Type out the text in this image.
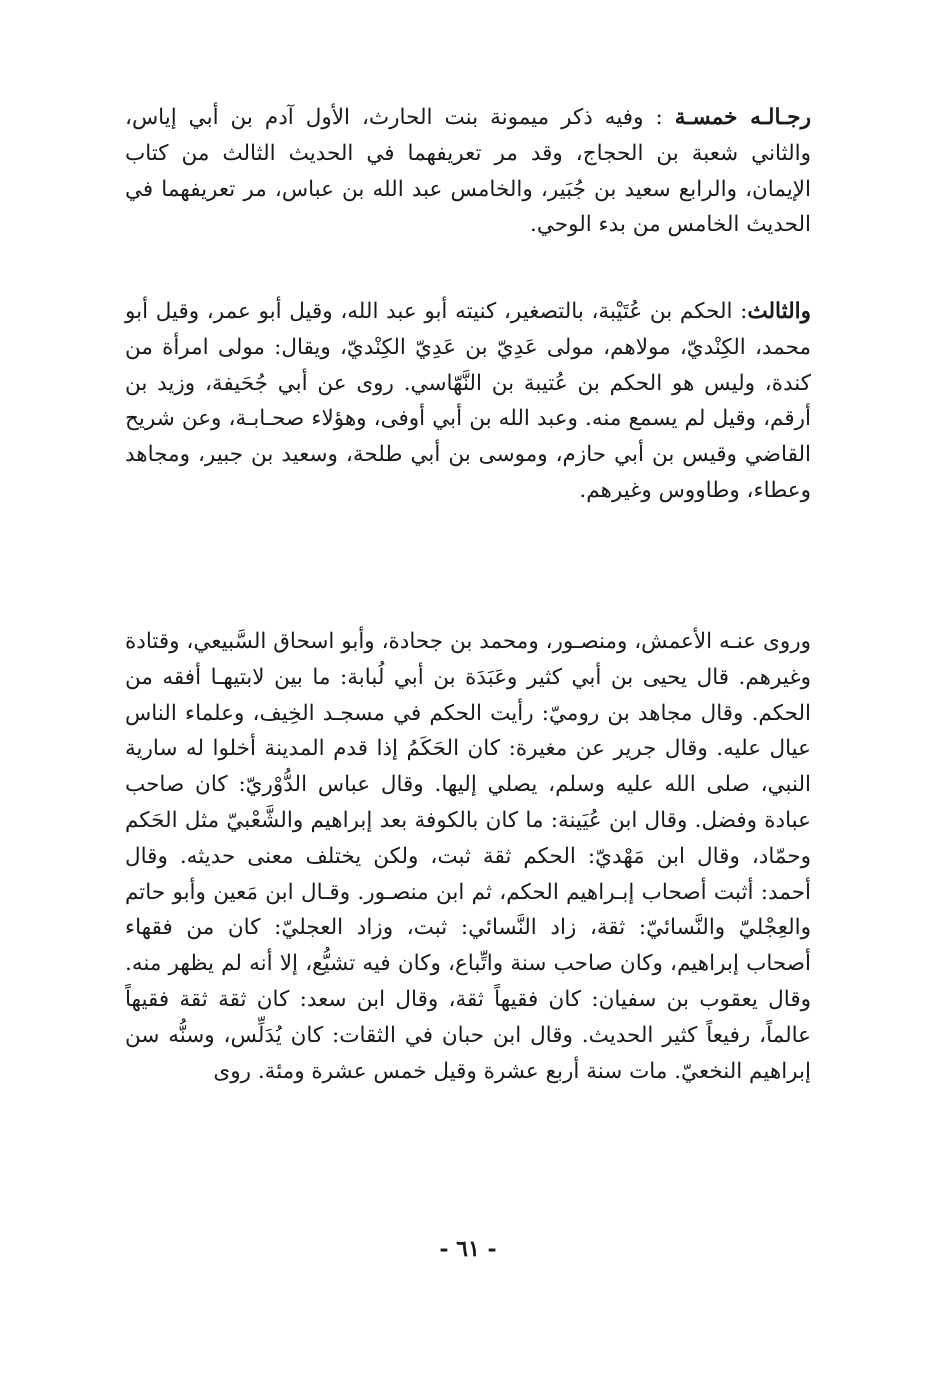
رجـالـه خمسـة : وفيه ذكر ميمونة بنت الحارث، الأول آدم بن أبي إياس، والثاني شعبة بن الحجاج، وقد مر تعريفهما في الحديث الثالث من كتاب الإيمان، والرابع سعيد بن جُبَير، والخامس عبد الله بن عباس، مر تعريفهما في الحديث الخامس من بدء الوحي.

والثالث: الحكم بن عُتَيْبة، بالتصغير، كنيته أبو عبد الله، وقيل أبو عمر، وقيل أبو محمد، الكِنْديّ، مولاهم، مولى عَدِيّ بن عَدِيّ الكِنْديّ، ويقال: مولى امرأة من كندة، وليس هو الحكم بن عُتيبة بن النَّهّاسي. روى عن أبي جُحَيفة، وزيد بن أرقم، وقيل لم يسمع منه. وعبد الله بن أبي أوفى، وهؤلاء صحـابـة، وعن شريح القاضي وقيس بن أبي حازم، وموسى بن أبي طلحة، وسعيد بن جبير، ومجاهد وعطاء، وطاووس وغيرهم.

وروى عنـه الأعمش، ومنصـور، ومحمد بن جحادة، وأبو اسحاق السَّبيعي، وقتادة وغيرهم. قال يحيى بن أبي كثير وعَبَدَة بن أبي لُبابة: ما بين لابتيهـا أفقه من الحكم. وقال مجاهد بن روميّ: رأيت الحكم في مسجـد الخِيف، وعلماء الناس عيال عليه. وقال جرير عن مغيرة: كان الحَكَمُ إذا قدم المدينة أخلوا له سارية النبي، صلى الله عليه وسلم، يصلي إليها. وقال عباس الدُّوْريّ: كان صاحب عبادة وفضل. وقال ابن عُيَينة: ما كان بالكوفة بعد إبراهيم والشَّعْبيّ مثل الحَكم وحمّاد، وقال ابن مَهْديّ: الحكم ثقة ثبت، ولكن يختلف معنى حديثه. وقال أحمد: أثبت أصحاب إبـراهيم الحكم، ثم ابن منصـور. وقـال ابن مَعين وأبو حاتم والعِجْليّ والنَّسائيّ: ثقة، زاد النَّسائي: ثبت، وزاد العجليّ: كان من فقهاء أصحاب إبراهيم، وكان صاحب سنة واتِّباع، وكان فيه تشيُّع، إلا أنه لم يظهر منه. وقال يعقوب بن سفيان: كان فقيهاً ثقة، وقال ابن سعد: كان ثقة ثقة فقيهاً عالماً، رفيعاً كثير الحديث. وقال ابن حبان في الثقات: كان يُدَلِّس، وسنُّه سن إبراهيم النخعيّ. مات سنة أربع عشرة وقيل خمس عشرة ومئة. روى

- ٦١ -
